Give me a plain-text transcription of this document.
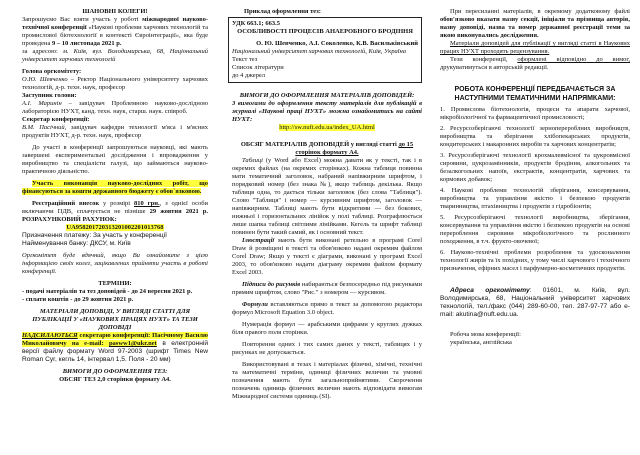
ШАНОВНІ КОЛЕГИ!

Запрошуємо Вас взяти участь у роботі міжнародної науково-технічної конференції «Наукові проблеми харчових технологій та промислової біотехнології в контексті Євроінтеграції», яка буде проведена 9 – 10 листопада 2021 р.

за адресою: м. Київ, вул. Володимирська, 68, Національний університет харчових технологій

Голова оргкомітету:

О.Ю. Шевченко – Ректор Національного університету харчових технологій, д-р. техн. наук, професор

Заступник голови:

А.І. Маринін – завідувач Проблемною науково-дослідною лабораторією НУХТ, канд. техн. наук, старш. наук. співроб.

Секретар конференції:

В.М. Пасічний, завідувач кафедри технології м'яса і м'ясних продуктів НУХТ, д-р. техн. наук, професор

До участі в конференції запрошуються науковці, які мають завершені експериментальні дослідження і впровадження у виробництво та спеціалісти галузі, що займаються науково-практичною діяльністю.

Участь виконавців науково-дослідних робіт, що фінансуються за кошти державного бюджету є обов`язковою.

Реєстраційний внесок у розмірі 810 грн., з однієї особи включаючи ПДВ, сплачується не пізніше 29 жовтня 2021 р. РОЗРАХУНКОВИЙ РАХУНОК:

UA958201720313201002201013768

Призначення платежу: За участь у конференції

Найменування банку: ДКСУ, м. Київ

Оргкомітет буде вдячний, якщо Ви ознайомите з цією інформацією своїх колег, зацікавлених прийняти участь в роботі конференції.

ТЕРМІНИ:

- подачі матеріалів та тез доповідей - до 24 вересня 2021 р.

- сплати коштів - до 29 жовтня 2021 р.

МАТЕРІАЛИ ДОПОВІДІ, У ВИГЛЯДІ СТАТТІ ДЛЯ ПУБЛІКАЦІЇ У «НАУКОВИХ ПРАЦЯХ НУХТ» ТА ТЕЗИ ДОПОВІДІ

НАДСИЛАЮТЬСЯ секретарю конференції: Пасічному Василю Миколайовичу на e-mail: pasww1@ukr.net в електронній версії файлу формату Word 97-2003 (шрифт Times New Roman Cyr, кегль 14, інтервал 1,5. Поля - 20 мм)

ВИМОГИ ДО ОФОРМЛЕННЯ ТЕЗ:

ОБСЯГ ТЕЗ 2,0 сторінки формату А4.

Приклад оформлення тез:

УДК 663.1; 663.5

ОСОБЛИВОСТІ ПРОЦЕСІВ АНАЕРОБНОГО БРОДІННЯ

О. Ю. Шевченко, А.І. Соколенко, К.В. Васильківський

Національний університет харчових технологій, Київ, Україна

Текст тез

Список літератури

до 4 джерел

ВИМОГИ ДО ОФОРМЛЕННЯ МАТЕРІАЛІВ ДОПОВІДЕЙ:

З вимогами до оформлення тексту матеріалів для публікацій в журналі «Наукові праці НУХТ» можна ознайомитись на сайті НУХТ:

http://sw.nuft.edu.ua/index_UA.html

ОБСЯГ МАТЕРІАЛІВ ДОПОВІДЕЙ у вигляді статті до 15 сторінок формату А4.

Таблиці (у Word або Excel) можна давати як у тексті, так і в окремих файлах (на окремих сторінках). Кожна таблиця повинна мати тематичний заголовок, набраний напівжирним шрифтом, і порядковий номер (без знака №), якщо таблиць декілька. Якщо таблиця одна, то дається тільки заголовок (без слова "Таблиця"). Слово "Таблиця" і номер — курсивним шрифтом, заголовок — напівжирним. Таблиці мають бути відкритими — без бокових, нижньої і горизонтальних лінійок у полі таблиці. Розграфлюється лише шапка таблиці світлими лінійками. Кегель та шрифт таблиці повинен бути такий самий, як і основний текст.

Ілюстрації мають бути виконані ретельно в програмі Corel Draw й розміщені в тексті та обов'язково надані окремим файлом Corel Draw; Якщо у тексті є діаграми, виконані у програмі Excel 2003, то обов'язково надати діаграму окремим файлом формату Excel 2003.

Підписи до рисунків набираються безпосередньо під рисунками прямим шрифтом, слово "Рис." з номером — курсивом.

Формули вставляються прямо в текст за допомогою редактора формул Microsoft Equation 3.0 object.

Нумерація формул — арабськими цифрами у круглих дужках біля правого поля сторінки.

Повторення одних і тих самих даних у тексті, таблицях і у рисунках не допускається.

Використовувані в тезах і матеріалах фізичні, хімічні, технічні та математичні терміни, одиниці фізичних величин та умовні позначення мають бути загальноприйнятими. Скорочення позначень одиниць фізичних величин мають відповідати вимогам Міжнародної системи одиниць (SI).

При пересиланні матеріалів, в окремому додатковому файлі обов'язково вказати назву секції, ініціали та прізвища авторів, назву доповіді, назва та номер державної реєстрації теми за якою виконувались дослідження.

Матеріали доповідей для публікації у вигляді статті в Наукових працях НУХТ проходять рецензування.

Тези конференції, оформлені відповідно до вимог, друкуватимуться в авторській редакції.

РОБОТА КОНФЕРЕНЦІЇ ПЕРЕДБАЧАЄТЬСЯ ЗА НАСТУПНИМИ ТЕМАТИЧНИМИ НАПРЯМКАМИ:

1. Промислова біотехнологія, процеси та апарати харчової, мікробіологічної та фармацевтичної промисловості;

2. Ресурсозберігаючі технології зерноперероблних виробництв, виробництва та зберігання хлібопекарських продуктів, кондитерських і макаронних виробів та харчових концентратів;

3. Ресурсозберігаючі технології крохмалевмісної та цукровмісної сировини, цукрозамінників, продуктів бродіння, алкогольних та безалкогольних напоїв, екстрактів, концентратів, харчових та кормових добавок;

4. Наукові проблеми технологій зберігання, консервування, виробництва та управління якістю і безпекою продуктів тваринництва, птахівництва і продуктів з гідробіонтів;

5. Ресурсозберігаючі технології виробництва, зберігання, консервування та управління якістю і безпекою продуктів на основі перероблення сировини мікробіологічного та рослинного походження, в т.ч. фрукто-овочевої;

6. Науково-технічні проблеми розроблення та удосконалення технології жирів та їх похідних, у тому числі харчового і технічного призначення, ефірних масел і парфумерно-косметичних продуктів.

Адреса оргкомітету: 01601, м. Київ, вул. Володимирська, 68, Національний університет харчових технологій, тел./факс (044) 289-60-00, тел. 287-97-77 або e-mail: akutina@nuft.edu.ua.

Робоча мова конференції:

українська, англійська
